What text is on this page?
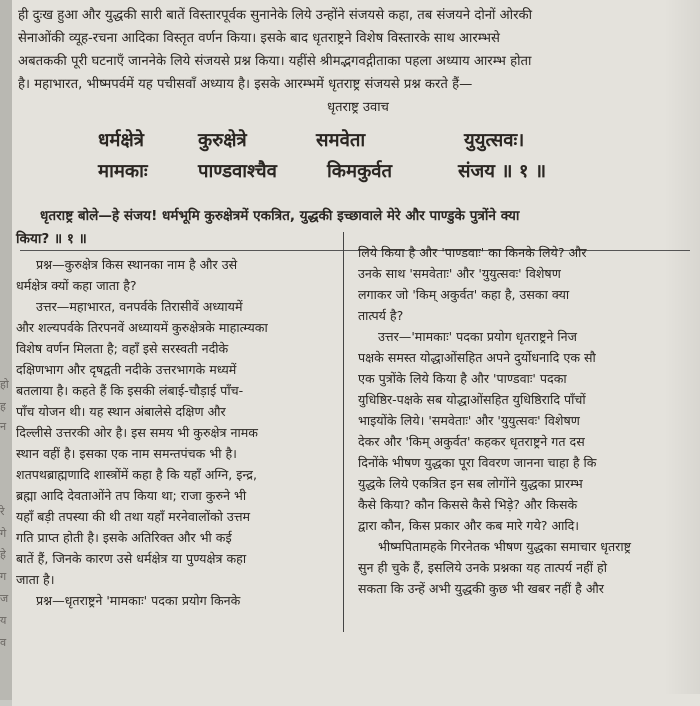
हो
ह
न
रे
गे
हे
ग
ज
य
व
ही दुःख हुआ और युद्धकी सारी बातें विस्तारपूर्वक सुनानेके लिये उन्होंने संजयसे कहा, तब संजयने दोनों ओरकी
सेनाओंकी व्यूह-रचना आदिका विस्तृत वर्णन किया। इसके बाद धृतराष्ट्रने विशेष विस्तारके साथ आरम्भसे
अबतककी पूरी घटनाएँ जाननेके लिये संजयसे प्रश्न किया। यहींसे श्रीमद्भगवद्गीताका पहला अध्याय आरम्भ होता
है। महाभारत, भीष्मपर्वमें यह पचीसवाँ अध्याय है। इसके आरम्भमें धृतराष्ट्र संजयसे प्रश्न करते हैं—
धृतराष्ट्र उवाच
धर्मक्षेत्रे	कुरुक्षेत्रे	समवेता	युयुत्सवः।
मामकाः	पाण्डवाश्चैव	किमकुर्वत	संजय ॥ १ ॥
धृतराष्ट्र बोले—हे संजय! धर्मभूमि कुरुक्षेत्रमें एकत्रित, युद्धकी इच्छावाले मेरे और पाण्डुके पुत्रोंने क्या
किया? ॥ १ ॥
प्रश्न—कुरुक्षेत्र किस स्थानका नाम है और उसे
धर्मक्षेत्र क्यों कहा जाता है?
उत्तर—महाभारत, वनपर्वके तिरासीवें अध्यायमें
और शल्यपर्वके तिरपनवें अध्यायमें कुरुक्षेत्रके माहात्म्यका
विशेष वर्णन मिलता है; वहाँ इसे सरस्वती नदीके
दक्षिणभाग और दृषद्वती नदीके उत्तरभागके मध्यमें
बतलाया है। कहते हैं कि इसकी लंबाई-चौड़ाई पाँच-
पाँच योजन थी। यह स्थान अंबालेसे दक्षिण और
दिल्लीसे उत्तरकी ओर है। इस समय भी कुरुक्षेत्र नामक
स्थान वहीं है। इसका एक नाम समन्तपंचक भी है।
शतपथब्राह्मणादि शास्त्रोंमें कहा है कि यहाँ अग्नि, इन्द्र,
ब्रह्मा आदि देवताओंने तप किया था; राजा कुरुने भी
यहाँ बड़ी तपस्या की थी तथा यहाँ मरनेवालोंको उत्तम
गति प्राप्त होती है। इसके अतिरिक्त और भी कई
बातें हैं, जिनके कारण उसे धर्मक्षेत्र या पुण्यक्षेत्र कहा
जाता है।
प्रश्न—धृतराष्ट्रने 'मामकाः' पदका प्रयोग किनके
लिये किया है और 'पाण्डवाः' का किनके लिये? और
उनके साथ 'समवेताः' और 'युयुत्सवः' विशेषण
लगाकर जो 'किम् अकुर्वत' कहा है, उसका क्या
तात्पर्य है?
उत्तर—'मामकाः' पदका प्रयोग धृतराष्ट्रने निज
पक्षके समस्त योद्धाओंसहित अपने दुर्योधनादि एक सौ
एक पुत्रोंके लिये किया है और 'पाण्डवाः' पदका
युधिष्ठिर-पक्षके सब योद्धाओंसहित युधिष्ठिरादि पाँचों
भाइयोंके लिये। 'समवेताः' और 'युयुत्सवः' विशेषण
देकर और 'किम् अकुर्वत' कहकर धृतराष्ट्रने गत दस
दिनोंके भीषण युद्धका पूरा विवरण जानना चाहा है कि
युद्धके लिये एकत्रित इन सब लोगोंने युद्धका प्रारम्भ
कैसे किया? कौन किससे कैसे भिड़े? और किसके
द्वारा कौन, किस प्रकार और कब मारे गये? आदि।
भीष्मपितामहके गिरनेतक भीषण युद्धका समाचार धृतराष्ट्र
सुन ही चुके हैं, इसलिये उनके प्रश्नका यह तात्पर्य नहीं हो
सकता कि उन्हें अभी युद्धकी कुछ भी खबर नहीं है और
